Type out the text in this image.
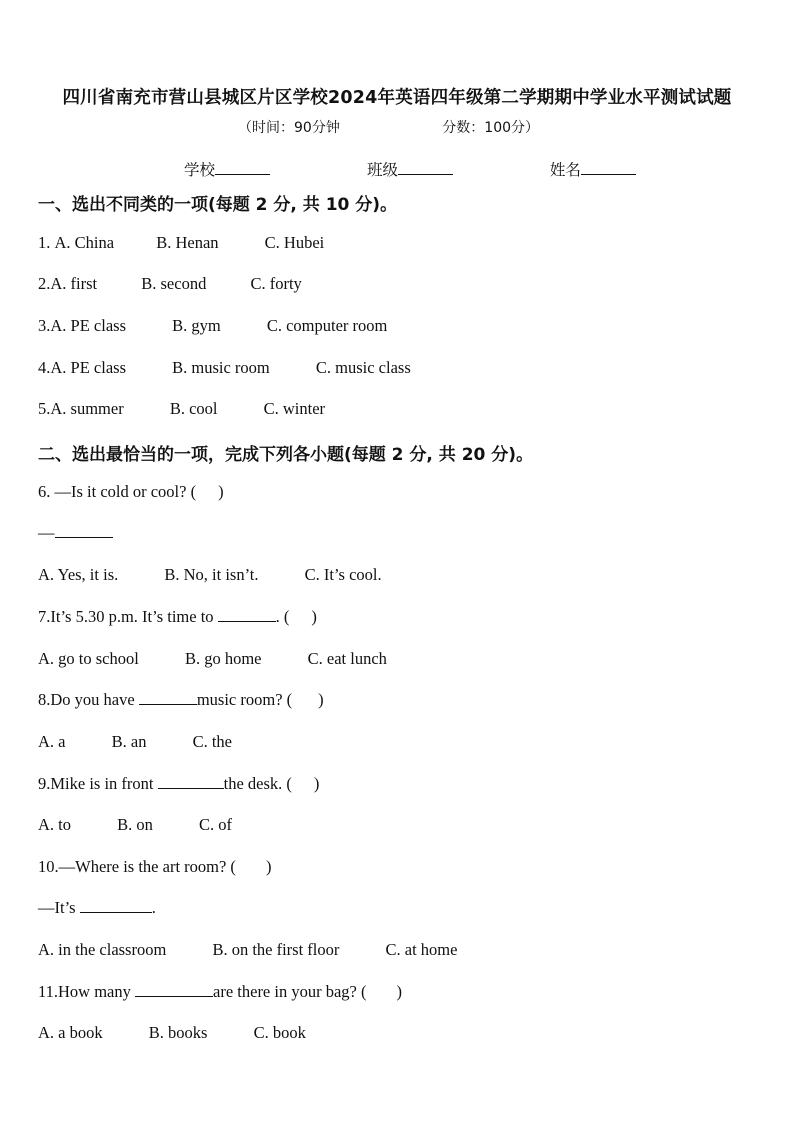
四川省南充市营山县城区片区学校2024年英语四年级第二学期期中学业水平测试试题
（时间：90分钟	分数：100分）
学校	班级	姓名
一、选出不同类的一项(每题 2 分, 共 10 分)。
1. A. China	B. Henan	C. Hubei
2.A. first	B. second	C. forty
3.A. PE class	B. gym	C. computer room
4.A. PE class	B. music room	C. music class
5.A. summer	B. cool	C. winter
二、选出最恰当的一项，完成下列各小题(每题 2 分, 共 20 分)。
6. —Is it cold or cool? ( )
—
A. Yes, it is.	B. No, it isn’t.	C. It’s cool.
7.It’s 5.30 p.m. It’s time to	. ( )
A. go to school	B. go home	C. eat lunch
8.Do you have	music room? ( )
A. a	B. an	C. the
9.Mike is in front	the desk. ( )
A. to	B. on	C. of
10.—Where is the art room? ( )
—It’s	.
A. in the classroom	B. on the first floor	C. at home
11.How many	are there in your bag? ( )
A. a book	B. books	C. book
